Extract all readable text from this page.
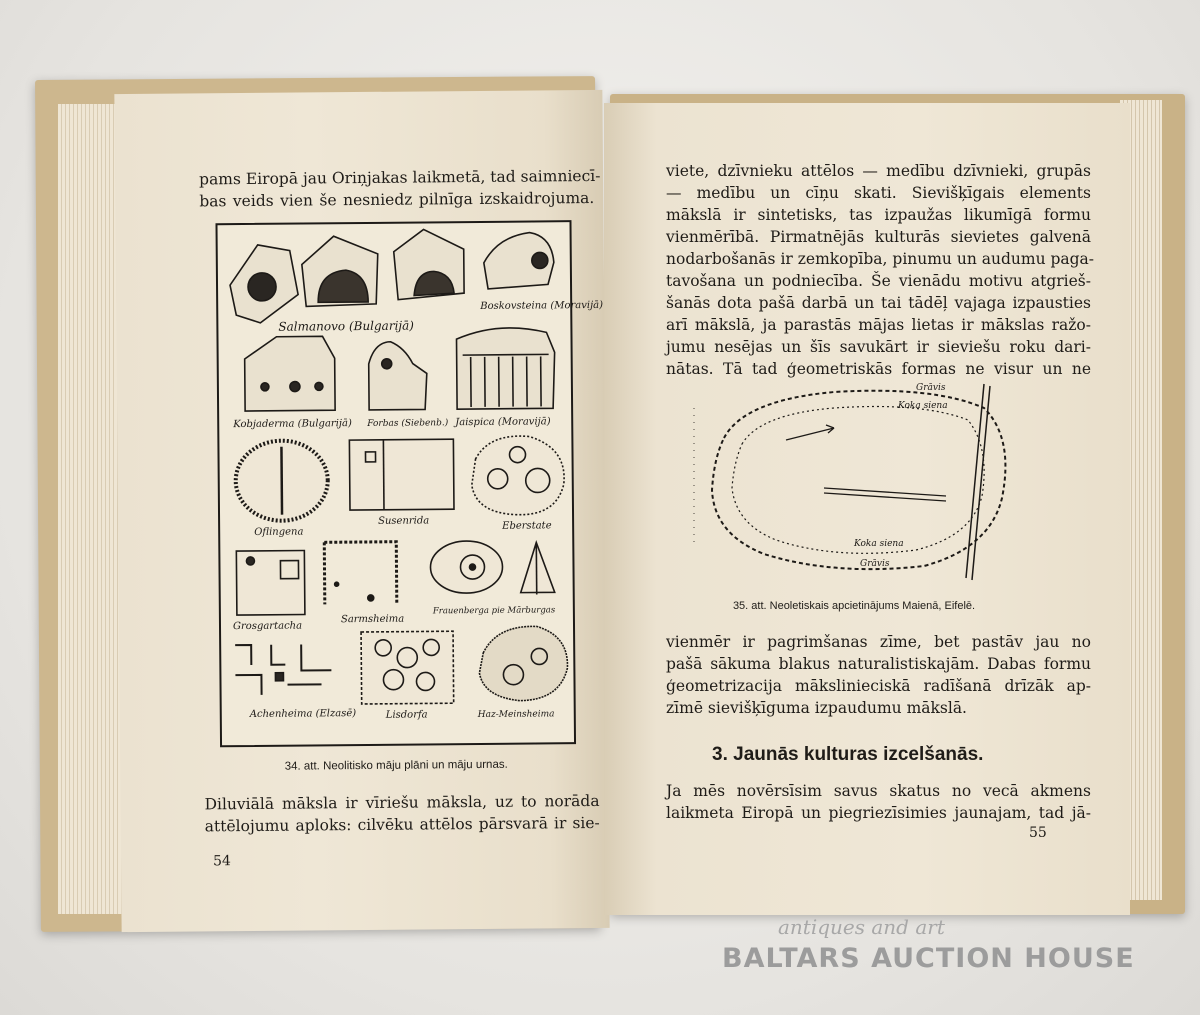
pams Eiropā jau Oriņjakas laikmetā, tad saimniecī-
bas veids vien še nesniedz pilnīga izskaidrojuma.
Salmanovo (Bulgarijā)
Boskovsteina (Moravijā)
Kobjaderma (Bulgarijā) Forbas (Siebenb.) Jaispica (Moravijā)
Oflingena
Susenrida	Eberstate
Grosgartacha
Sarmsheima
Frauenberga pie Mārburgas
Achenheima (Elzasē)	Lisdorfa	Haz-Meinsheima
34. att. Neolitisko māju plāni un māju urnas.
Diluviālā māksla ir vīriešu māksla, uz to norāda
attēlojumu aploks: cilvēku attēlos pārsvarā ir sie-
54
viete, dzīvnieku attēlos — medību dzīvnieki, grupās
— medību un cīņu skati. Sievišķīgais elements
mākslā ir sintetisks, tas izpaužas likumīgā formu
vienmērībā. Pirmatnējās kulturās sievietes galvenā
nodarbošanās ir zemkopība, pinumu un audumu paga-
tavošana un podniecība. Še vienādu motivu atgrieš-
šanās dota pašā darbā un tai tādēļ vajaga izpausties
arī mākslā, ja parastās mājas lietas ir mākslas ražo-
jumu nesējas un šīs savukārt ir sieviešu roku dari-
nātas. Tā tad ģeometriskās formas ne visur un ne
Grāvis
Koka siena
Koka siena
Grāvis
35. att. Neoletiskais apcietinājums Maienā, Eifelē.
vienmēr ir pagrimšanas zīme, bet pastāv jau no
pašā sākuma blakus naturalistiskajām. Dabas formu
ģeometrizacija mākslinieciskā radīšanā drīzāk ap-
zīmē sievišķīguma izpaudumu mākslā.
3. Jaunās kulturas izcelšanās.
Ja mēs novērsīsim savus skatus no vecā akmens
laikmeta Eiropā un piegriezīsimies jaunajam, tad jā-
55
antiques and art
BALTARS AUCTION HOUSE
